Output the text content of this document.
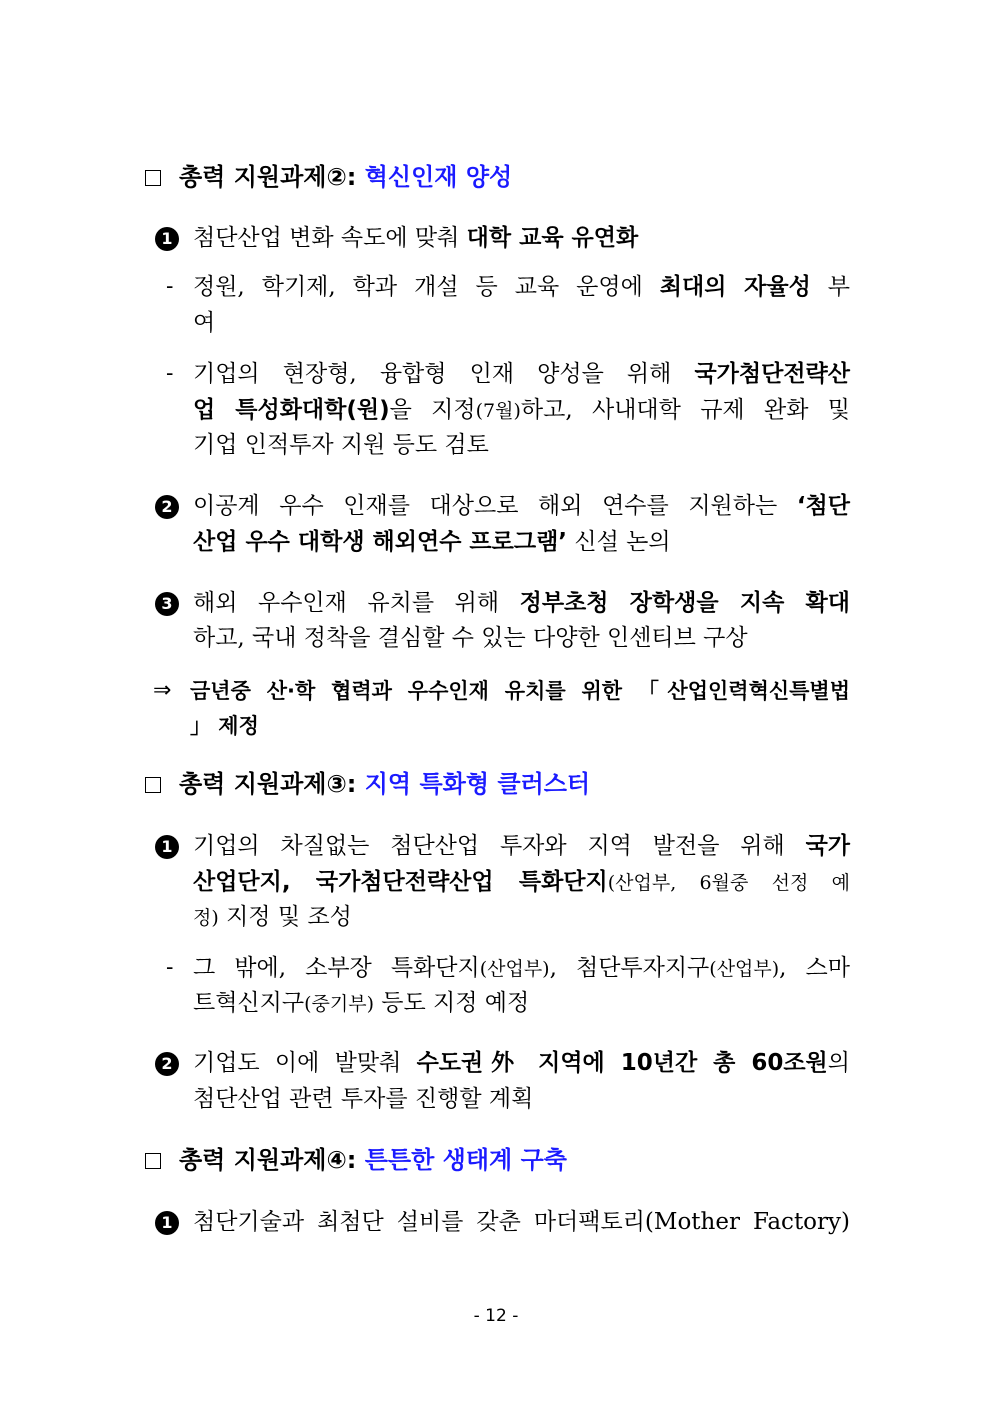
총력 지원과제②: 혁신인재 양성
1 첨단산업 변화 속도에 맞춰 대학 교육 유연화
- 정원, 학기제, 학과 개설 등 교육 운영에 최대의 자율성 부
여
- 기업의 현장형, 융합형 인재 양성을 위해 국가첨단전략산
업 특성화대학(원)을 지정(7월)하고, 사내대학 규제 완화 및
기업 인적투자 지원 등도 검토
2 이공계 우수 인재를 대상으로 해외 연수를 지원하는 ‘첨단
산업 우수 대학생 해외연수 프로그램’ 신설 논의
3 해외 우수인재 유치를 위해 정부초청 장학생을 지속 확대
하고, 국내 정착을 결심할 수 있는 다양한 인센티브 구상
⇒ 금년중 산·학 협력과 우수인재 유치를 위한 「산업인력혁신특별법
」 제정
총력 지원과제③: 지역 특화형 클러스터
1 기업의 차질없는 첨단산업 투자와 지역 발전을 위해 국가
산업단지, 국가첨단전략산업 특화단지(산업부, 6월중 선정 예
정) 지정 및 조성
- 그 밖에, 소부장 특화단지(산업부), 첨단투자지구(산업부), 스마
트혁신지구(중기부) 등도 지정 예정
2 기업도 이에 발맞춰 수도권外 지역에 10년간 총 60조원의
첨단산업 관련 투자를 진행할 계획
총력 지원과제④: 튼튼한 생태계 구축
1 첨단기술과 최첨단 설비를 갖춘 마더팩토리(Mother Factory)
- 12 -
